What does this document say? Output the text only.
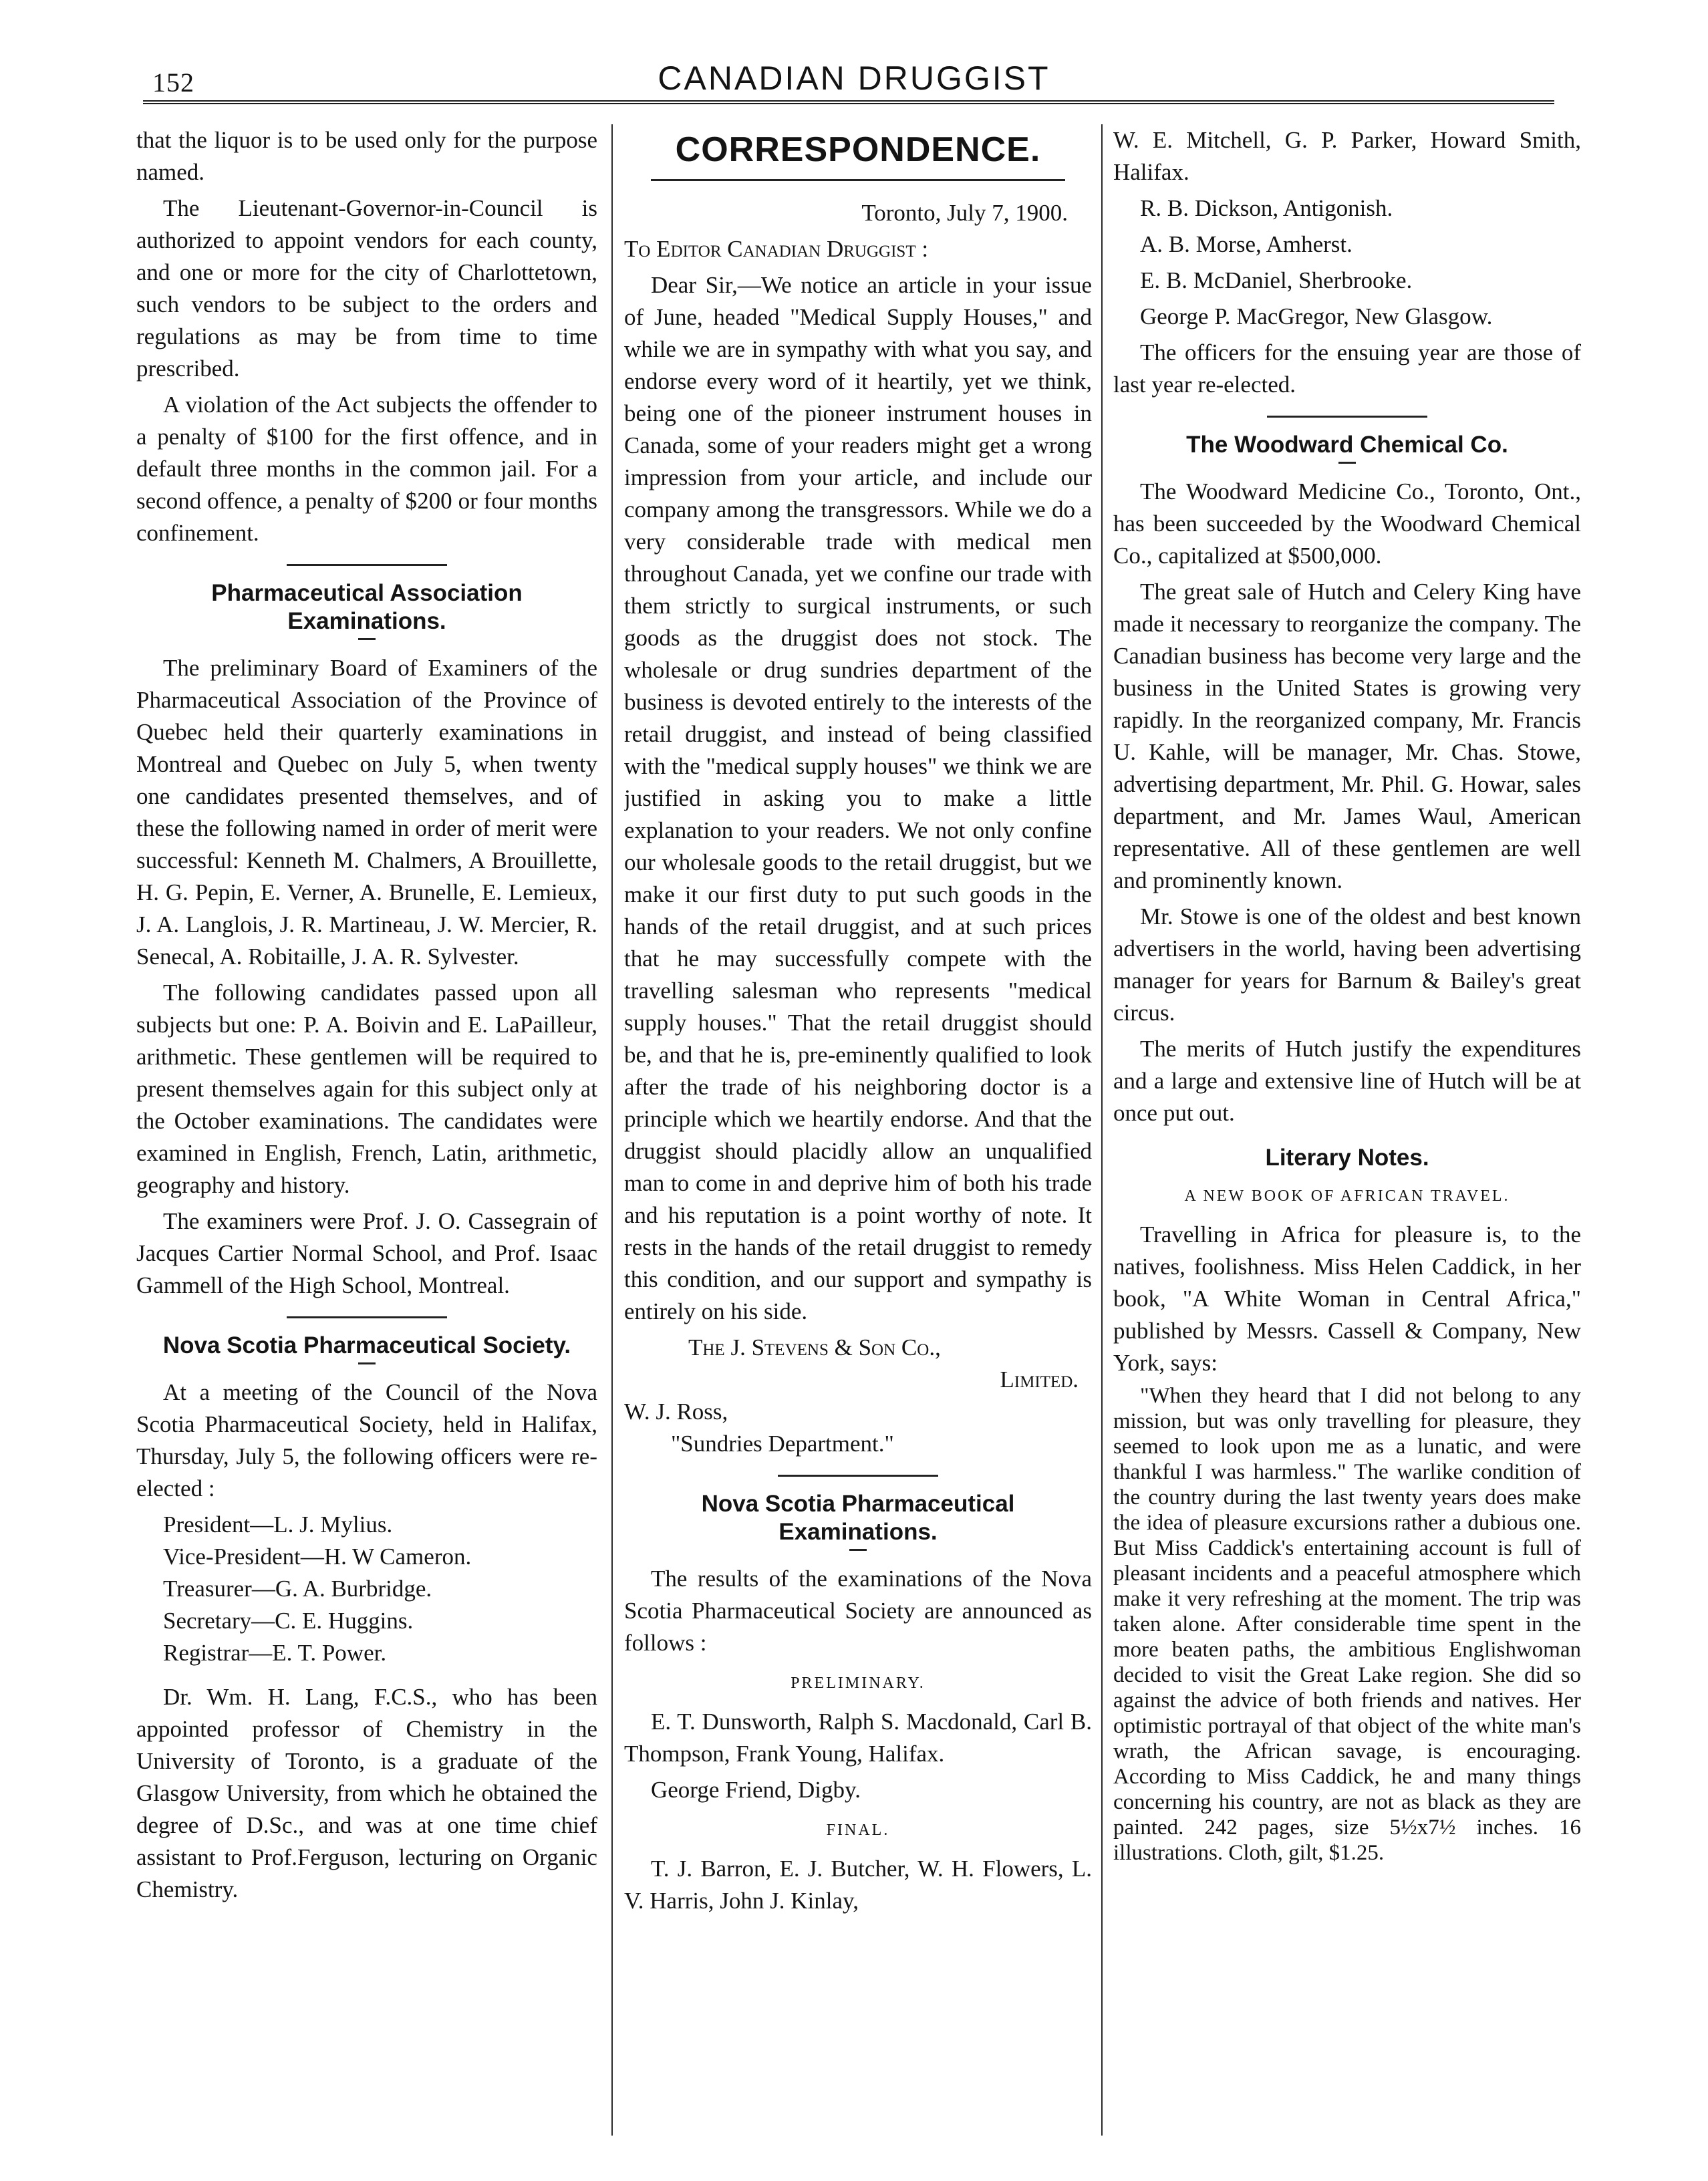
152	CANADIAN DRUGGIST

that the liquor is to be used only for the purpose named.

The Lieutenant-Governor-in-Council is authorized to appoint vendors for each county, and one or more for the city of Charlottetown, such vendors to be subject to the orders and regulations as may be from time to time prescribed.

A violation of the Act subjects the offender to a penalty of $100 for the first offence, and in default three months in the common jail. For a second offence, a penalty of $200 or four months confinement.

Pharmaceutical Association Examinations.

The preliminary Board of Examiners of the Pharmaceutical Association of the Province of Quebec held their quarterly examinations in Montreal and Quebec on July 5, when twenty one candidates presented themselves, and of these the following named in order of merit were successful: Kenneth M. Chalmers, A Brouillette, H. G. Pepin, E. Verner, A. Brunelle, E. Lemieux, J. A. Langlois, J. R. Martineau, J. W. Mercier, R. Senecal, A. Robitaille, J. A. R. Sylvester.

The following candidates passed upon all subjects but one: P. A. Boivin and E. LaPailleur, arithmetic. These gentlemen will be required to present themselves again for this subject only at the October examinations. The candidates were examined in English, French, Latin, arithmetic, geography and history.

The examiners were Prof. J. O. Cassegrain of Jacques Cartier Normal School, and Prof. Isaac Gammell of the High School, Montreal.

Nova Scotia Pharmaceutical Society.

At a meeting of the Council of the Nova Scotia Pharmaceutical Society, held in Halifax, Thursday, July 5, the following officers were re-elected :

President—L. J. Mylius.

Vice-President—H. W Cameron.

Treasurer—G. A. Burbridge.

Secretary—C. E. Huggins.

Registrar—E. T. Power.

Dr. Wm. H. Lang, F.C.S., who has been appointed professor of Chemistry in the University of Toronto, is a graduate of the Glasgow University, from which he obtained the degree of D.Sc., and was at one time chief assistant to Prof.Ferguson, lecturing on Organic Chemistry.

CORRESPONDENCE.

Toronto, July 7, 1900.

To Editor Canadian Druggist :

Dear Sir,—We notice an article in your issue of June, headed "Medical Supply Houses," and while we are in sympathy with what you say, and endorse every word of it heartily, yet we think, being one of the pioneer instrument houses in Canada, some of your readers might get a wrong impression from your article, and include our company among the transgressors. While we do a very considerable trade with medical men throughout Canada, yet we confine our trade with them strictly to surgical instruments, or such goods as the druggist does not stock. The wholesale or drug sundries department of the business is devoted entirely to the interests of the retail druggist, and instead of being classified with the "medical supply houses" we think we are justified in asking you to make a little explanation to your readers. We not only confine our wholesale goods to the retail druggist, but we make it our first duty to put such goods in the hands of the retail druggist, and at such prices that he may successfully compete with the travelling salesman who represents "medical supply houses." That the retail druggist should be, and that he is, pre-eminently qualified to look after the trade of his neighboring doctor is a principle which we heartily endorse. And that the druggist should placidly allow an unqualified man to come in and deprive him of both his trade and his reputation is a point worthy of note. It rests in the hands of the retail druggist to remedy this condition, and our support and sympathy is entirely on his side.

The J. Stevens & Son Co.,

Limited.

W. J. Ross,

"Sundries Department."

Nova Scotia Pharmaceutical Examinations.

The results of the examinations of the Nova Scotia Pharmaceutical Society are announced as follows :

PRELIMINARY.

E. T. Dunsworth, Ralph S. Macdonald, Carl B. Thompson, Frank Young, Halifax.

George Friend, Digby.

FINAL.

T. J. Barron, E. J. Butcher, W. H. Flowers, L. V. Harris, John J. Kinlay,

W. E. Mitchell, G. P. Parker, Howard Smith, Halifax.

R. B. Dickson, Antigonish.

A. B. Morse, Amherst.

E. B. McDaniel, Sherbrooke.

George P. MacGregor, New Glasgow.

The officers for the ensuing year are those of last year re-elected.

The Woodward Chemical Co.

The Woodward Medicine Co., Toronto, Ont., has been succeeded by the Woodward Chemical Co., capitalized at $500,000.

The great sale of Hutch and Celery King have made it necessary to reorganize the company. The Canadian business has become very large and the business in the United States is growing very rapidly. In the reorganized company, Mr. Francis U. Kahle, will be manager, Mr. Chas. Stowe, advertising department, Mr. Phil. G. Howar, sales department, and Mr. James Waul, American representative. All of these gentlemen are well and prominently known.

Mr. Stowe is one of the oldest and best known advertisers in the world, having been advertising manager for years for Barnum & Bailey's great circus.

The merits of Hutch justify the expenditures and a large and extensive line of Hutch will be at once put out.

Literary Notes.

A NEW BOOK OF AFRICAN TRAVEL.

Travelling in Africa for pleasure is, to the natives, foolishness. Miss Helen Caddick, in her book, "A White Woman in Central Africa," published by Messrs. Cassell & Company, New York, says:

"When they heard that I did not belong to any mission, but was only travelling for pleasure, they seemed to look upon me as a lunatic, and were thankful I was harmless." The warlike condition of the country during the last twenty years does make the idea of pleasure excursions rather a dubious one. But Miss Caddick's entertaining account is full of pleasant incidents and a peaceful atmosphere which make it very refreshing at the moment. The trip was taken alone. After considerable time spent in the more beaten paths, the ambitious Englishwoman decided to visit the Great Lake region. She did so against the advice of both friends and natives. Her optimistic portrayal of that object of the white man's wrath, the African savage, is encouraging. According to Miss Caddick, he and many things concerning his country, are not as black as they are painted. 242 pages, size 5½x7½ inches. 16 illustrations. Cloth, gilt, $1.25.
